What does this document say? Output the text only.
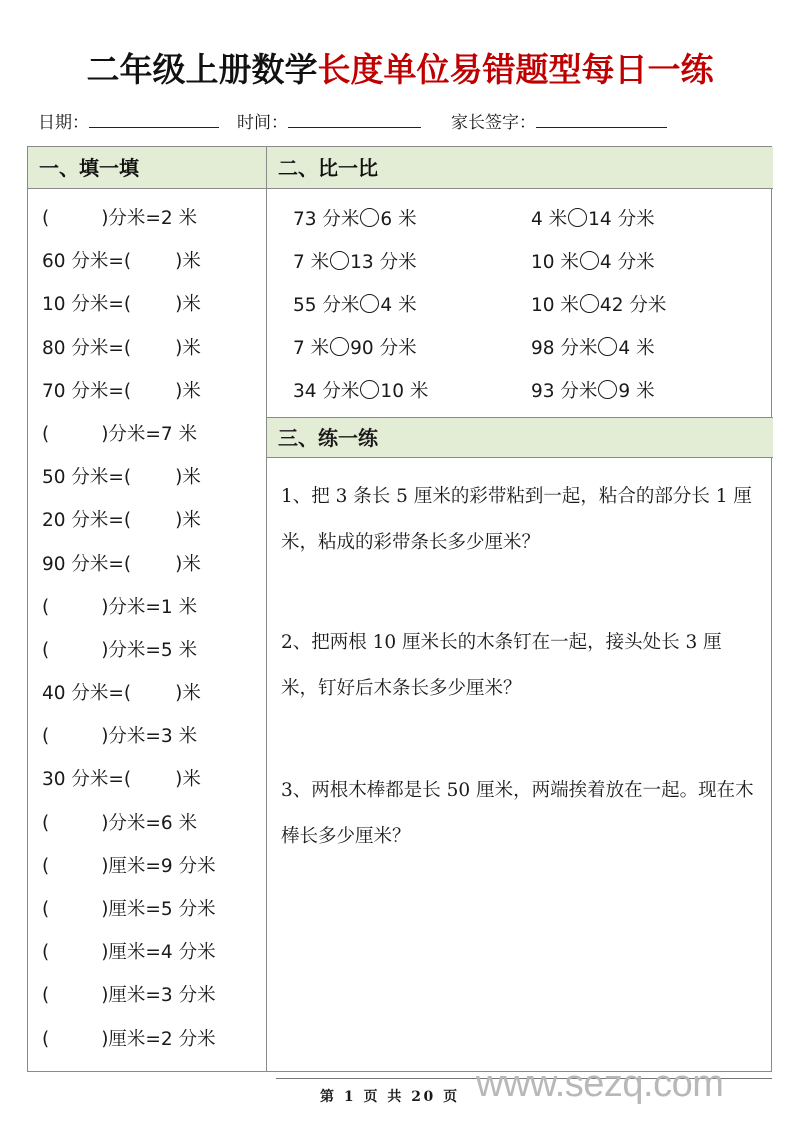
二年级上册数学长度单位易错题型每日一练
日期：	时间：	家长签字：
一、填一填
(	)分米=2 米
60 分米=( )米
10 分米=( )米
80 分米=( )米
70 分米=( )米
(	)分米=7 米
50 分米=( )米
20 分米=( )米
90 分米=( )米
(	)分米=1 米
(	)分米=5 米
40 分米=( )米
(	)分米=3 米
30 分米=( )米
(	)分米=6 米
(	)厘米=9 分米
(	)厘米=5 分米
(	)厘米=4 分米
(	)厘米=3 分米
(	)厘米=2 分米
二、比一比
73 分米 6 米	4 米 14 分米
7 米 13 分米	10 米 4 分米
55 分米 4 米	10 米 42 分米
7 米 90 分米	98 分米 4 米
34 分米 10 米	93 分米 9 米
三、练一练
1、把 3 条长 5 厘米的彩带粘到一起，粘合的部分长 1 厘米，粘成的彩带条长多少厘米？
2、把两根 10 厘米长的木条钉在一起，接头处长 3 厘米，钉好后木条长多少厘米？
3、两根木棒都是长 50 厘米，两端挨着放在一起。现在木棒长多少厘米？
www.sezq.com
第 1 页 共 20 页
